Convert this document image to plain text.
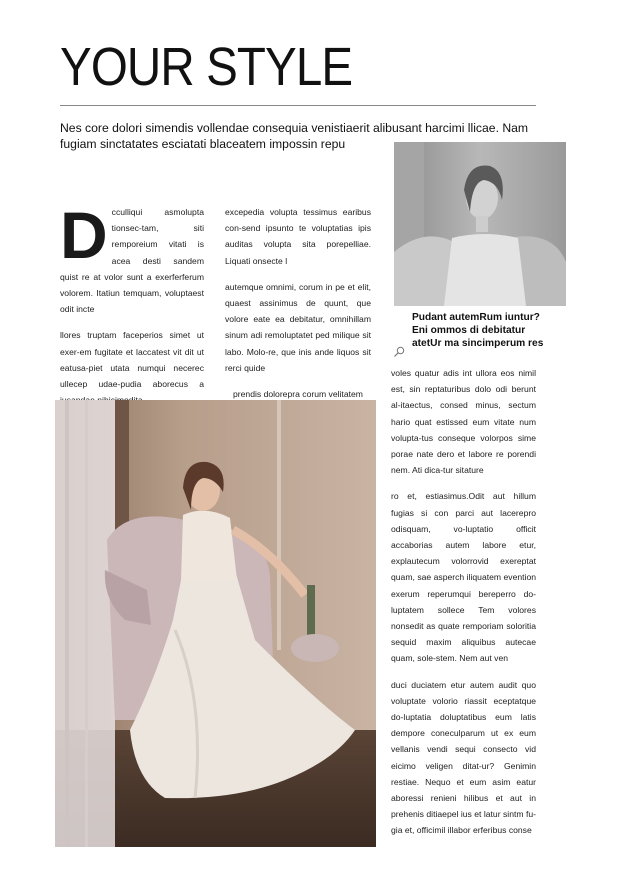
YOUR STYLE

Nes core dolori simendis vollendae consequia venistiaerit alibusant harcimi llicae. Nam fugiam sinctatates esciatati blaceatem impossin repu

Dcculliqui asmolupta tionsec-tam, siti remporeium vitati is acea desti sandem quist re at volor sunt a exerferferum volorem. Itatiun temquam, voluptaest odit incte

llores truptam faceperios simet ut exer-em fugitate et laccatest vit dit ut eatusa-piet utata numqui necerec ullecep udae-pudia aborecus a

excepedia volupta tessimus earibus con-send ipsunto te voluptatias ipis auditas volupta sita porepelliae. Liquati onsecte l

autemque omnimi, corum in pe et elit, quaest assinimus de quunt, que volore eate ea debitatur, omnihillam sinum adi remoluptatet ped milique sit labo. Molo-re, que inis ande liquos sit rerci quide

prendis dolorepra corum velitatem

Pudant autemRum iuntur? Eni ommos di debitatur atetUr ma sincimperum res

voles quatur adis int ullora eos nimil est, sin reptaturibus dolo odi berunt al-itaectus, consed minus, sectum hario quat estissed eum vitate num volupta-tus conseque volorpos sime porae nate dero et labore re porendi nem. Ati dica-tur sitature

ro et, estiasimus.Odit aut hillum fugias si con parci aut lacerepro odisquam, vo-luptatio officit accaborias autem labore etur, explautecum volorrovid exereptat quam, sae asperch iliquatem evention exerum reperumqui bereperro do-luptatem sollece Tem volores nonsedit as quate remporiam soloritia sequid maxim aliquibus autecae quam, sole-stem. Nem aut ven

duci duciatem etur autem audit quo voluptate volorio riassit eceptatque do-luptatia doluptatibus eum latis dempore coneculparum ut ex eum vellanis vendi sequi consecto vid eicimo veligen ditat-ur? Genimin restiae. Nequo et eum asim eatur aboressi renieni hilibus et aut in prehenis ditiaepel ius et latur sintm fu-gia et, officimil illabor erferibus conse
